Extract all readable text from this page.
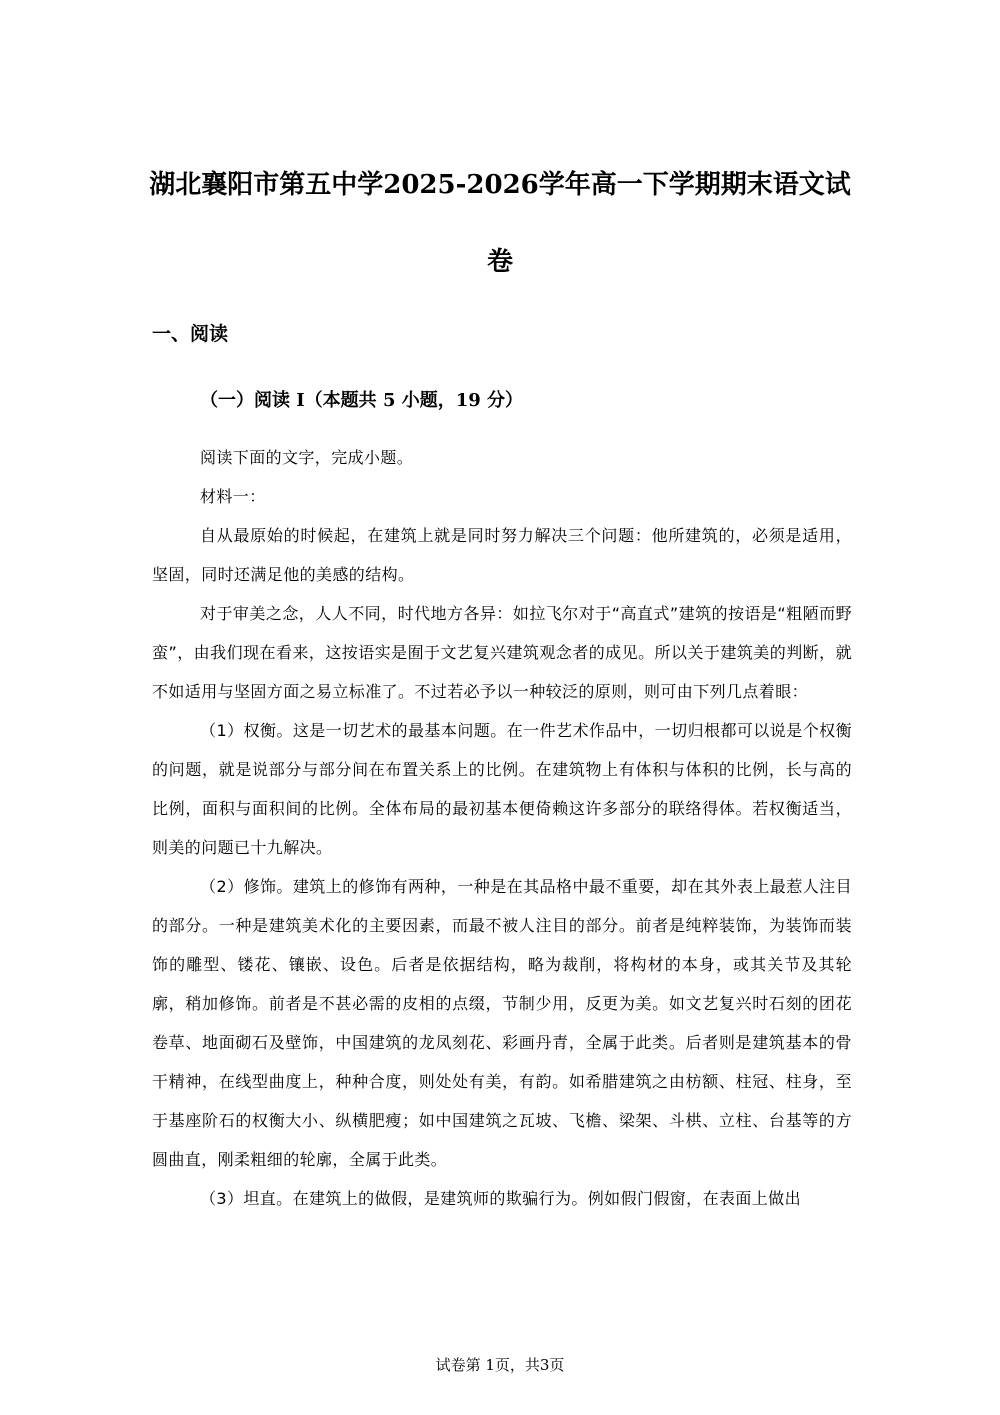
湖北襄阳市第五中学2025-2026学年高一下学期期末语文试
卷
一、阅读
（一）阅读 I（本题共 5 小题，19 分）

阅读下面的文字，完成小题。

材料一：

自从最原始的时候起，在建筑上就是同时努力解决三个问题：他所建筑的，必须是适用，坚固，同时还满足他的美感的结构。

对于审美之念，人人不同，时代地方各异：如拉飞尔对于“高直式”建筑的按语是“粗陋而野蛮”，由我们现在看来，这按语实是囿于文艺复兴建筑观念者的成见。所以关于建筑美的判断，就不如适用与坚固方面之易立标准了。不过若必予以一种较泛的原则，则可由下列几点着眼：

（1）权衡。这是一切艺术的最基本问题。在一件艺术作品中，一切归根都可以说是个权衡的问题，就是说部分与部分间在布置关系上的比例。在建筑物上有体积与体积的比例，长与高的比例，面积与面积间的比例。全体布局的最初基本便倚赖这许多部分的联络得体。若权衡适当，则美的问题已十九解决。

（2）修饰。建筑上的修饰有两种，一种是在其品格中最不重要，却在其外表上最惹人注目的部分。一种是建筑美术化的主要因素，而最不被人注目的部分。前者是纯粹装饰，为装饰而装饰的雕型、镂花、镶嵌、设色。后者是依据结构，略为裁削，将构材的本身，或其关节及其轮廓，稍加修饰。前者是不甚必需的皮相的点缀，节制少用，反更为美。如文艺复兴时石刻的团花卷草、地面砌石及壁饰，中国建筑的龙凤刻花、彩画丹青，全属于此类。后者则是建筑基本的骨干精神，在线型曲度上，种种合度，则处处有美，有韵。如希腊建筑之由枋额、柱冠、柱身，至于基座阶石的权衡大小、纵横肥瘦；如中国建筑之瓦坡、飞檐、梁架、斗栱、立柱、台基等的方圆曲直，刚柔粗细的轮廓，全属于此类。

（3）坦直。在建筑上的做假，是建筑师的欺骗行为。例如假门假窗，在表面上做出

试卷第 1页，共3页
